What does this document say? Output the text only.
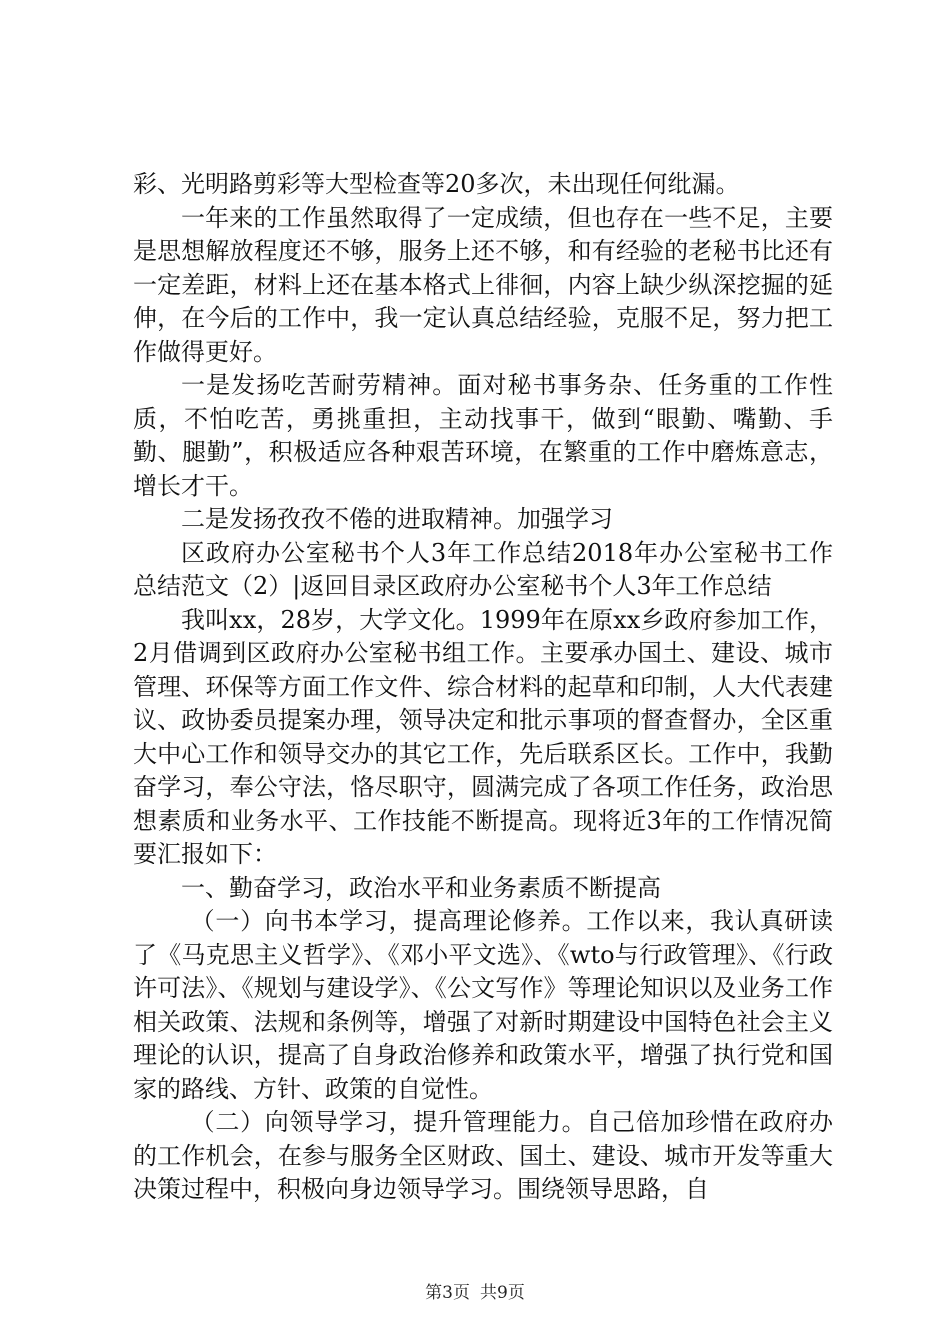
彩、光明路剪彩等大型检查等20多次，未出现任何纰漏。

一年来的工作虽然取得了一定成绩，但也存在一些不足，主要是思想解放程度还不够，服务上还不够，和有经验的老秘书比还有一定差距，材料上还在基本格式上徘徊，内容上缺少纵深挖掘的延伸，在今后的工作中，我一定认真总结经验，克服不足，努力把工作做得更好。

一是发扬吃苦耐劳精神。面对秘书事务杂、任务重的工作性质，不怕吃苦，勇挑重担，主动找事干，做到“眼勤、嘴勤、手勤、腿勤”，积极适应各种艰苦环境，在繁重的工作中磨炼意志，增长才干。

二是发扬孜孜不倦的进取精神。加强学习

区政府办公室秘书个人3年工作总结2018年办公室秘书工作总结范文（2）|返回目录区政府办公室秘书个人3年工作总结

我叫xx，28岁，大学文化。1999年在原xx乡政府参加工作，2月借调到区政府办公室秘书组工作。主要承办国土、建设、城市管理、环保等方面工作文件、综合材料的起草和印制，人大代表建议、政协委员提案办理，领导决定和批示事项的督查督办，全区重大中心工作和领导交办的其它工作，先后联系区长。工作中，我勤奋学习，奉公守法，恪尽职守，圆满完成了各项工作任务，政治思想素质和业务水平、工作技能不断提高。现将近3年的工作情况简要汇报如下：

一、勤奋学习，政治水平和业务素质不断提高

（一）向书本学习，提高理论修养。工作以来，我认真研读了《马克思主义哲学》、《邓小平文选》、《wto与行政管理》、《行政许可法》、《规划与建设学》、《公文写作》等理论知识以及业务工作相关政策、法规和条例等，增强了对新时期建设中国特色社会主义理论的认识，提高了自身政治修养和政策水平，增强了执行党和国家的路线、方针、政策的自觉性。

（二）向领导学习，提升管理能力。自己倍加珍惜在政府办的工作机会，在参与服务全区财政、国土、建设、城市开发等重大决策过程中，积极向身边领导学习。围绕领导思路，自

第3页 共9页
